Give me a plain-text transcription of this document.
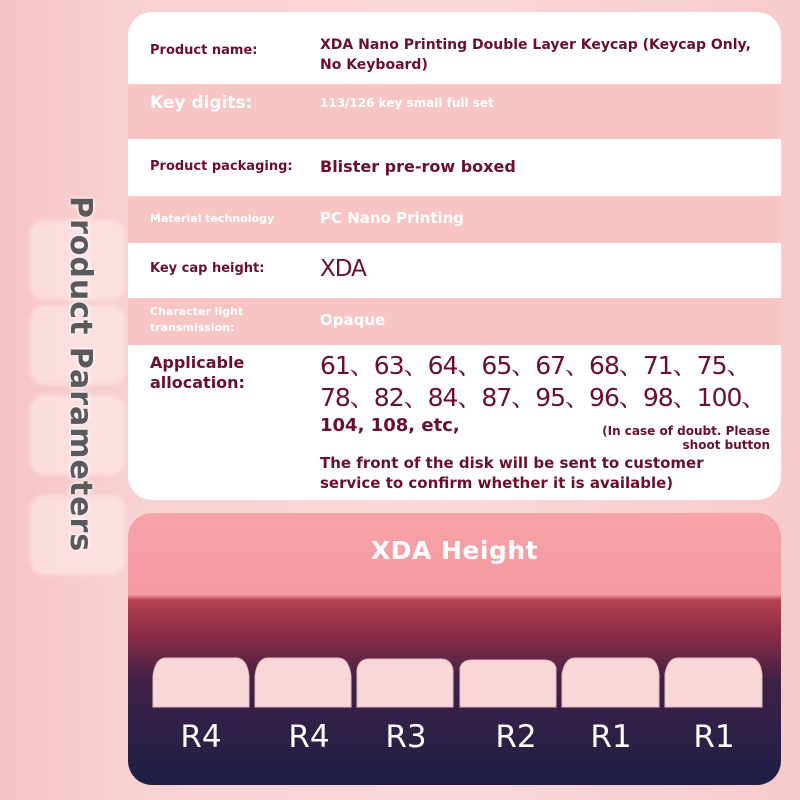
Product Parameters
Product name:	XDA Nano Printing Double Layer Keycap (Keycap Only, No Keyboard)
Key digits:	113/126 key small full set
Product packaging: Blister pre-row boxed
Material technology	PC Nano Printing
Key cap height: XDA
Character light transmission:	Opaque
Applicable allocation:
61、63、64、65、67、68、71、75、
78、82、84、87、95、96、98、100、
104, 108, etc,	(In case of doubt. Please shoot button
The front of the disk will be sent to customer service to confirm whether it is available)
XDA Height
R4	R4	R3	R2	R1	R1
